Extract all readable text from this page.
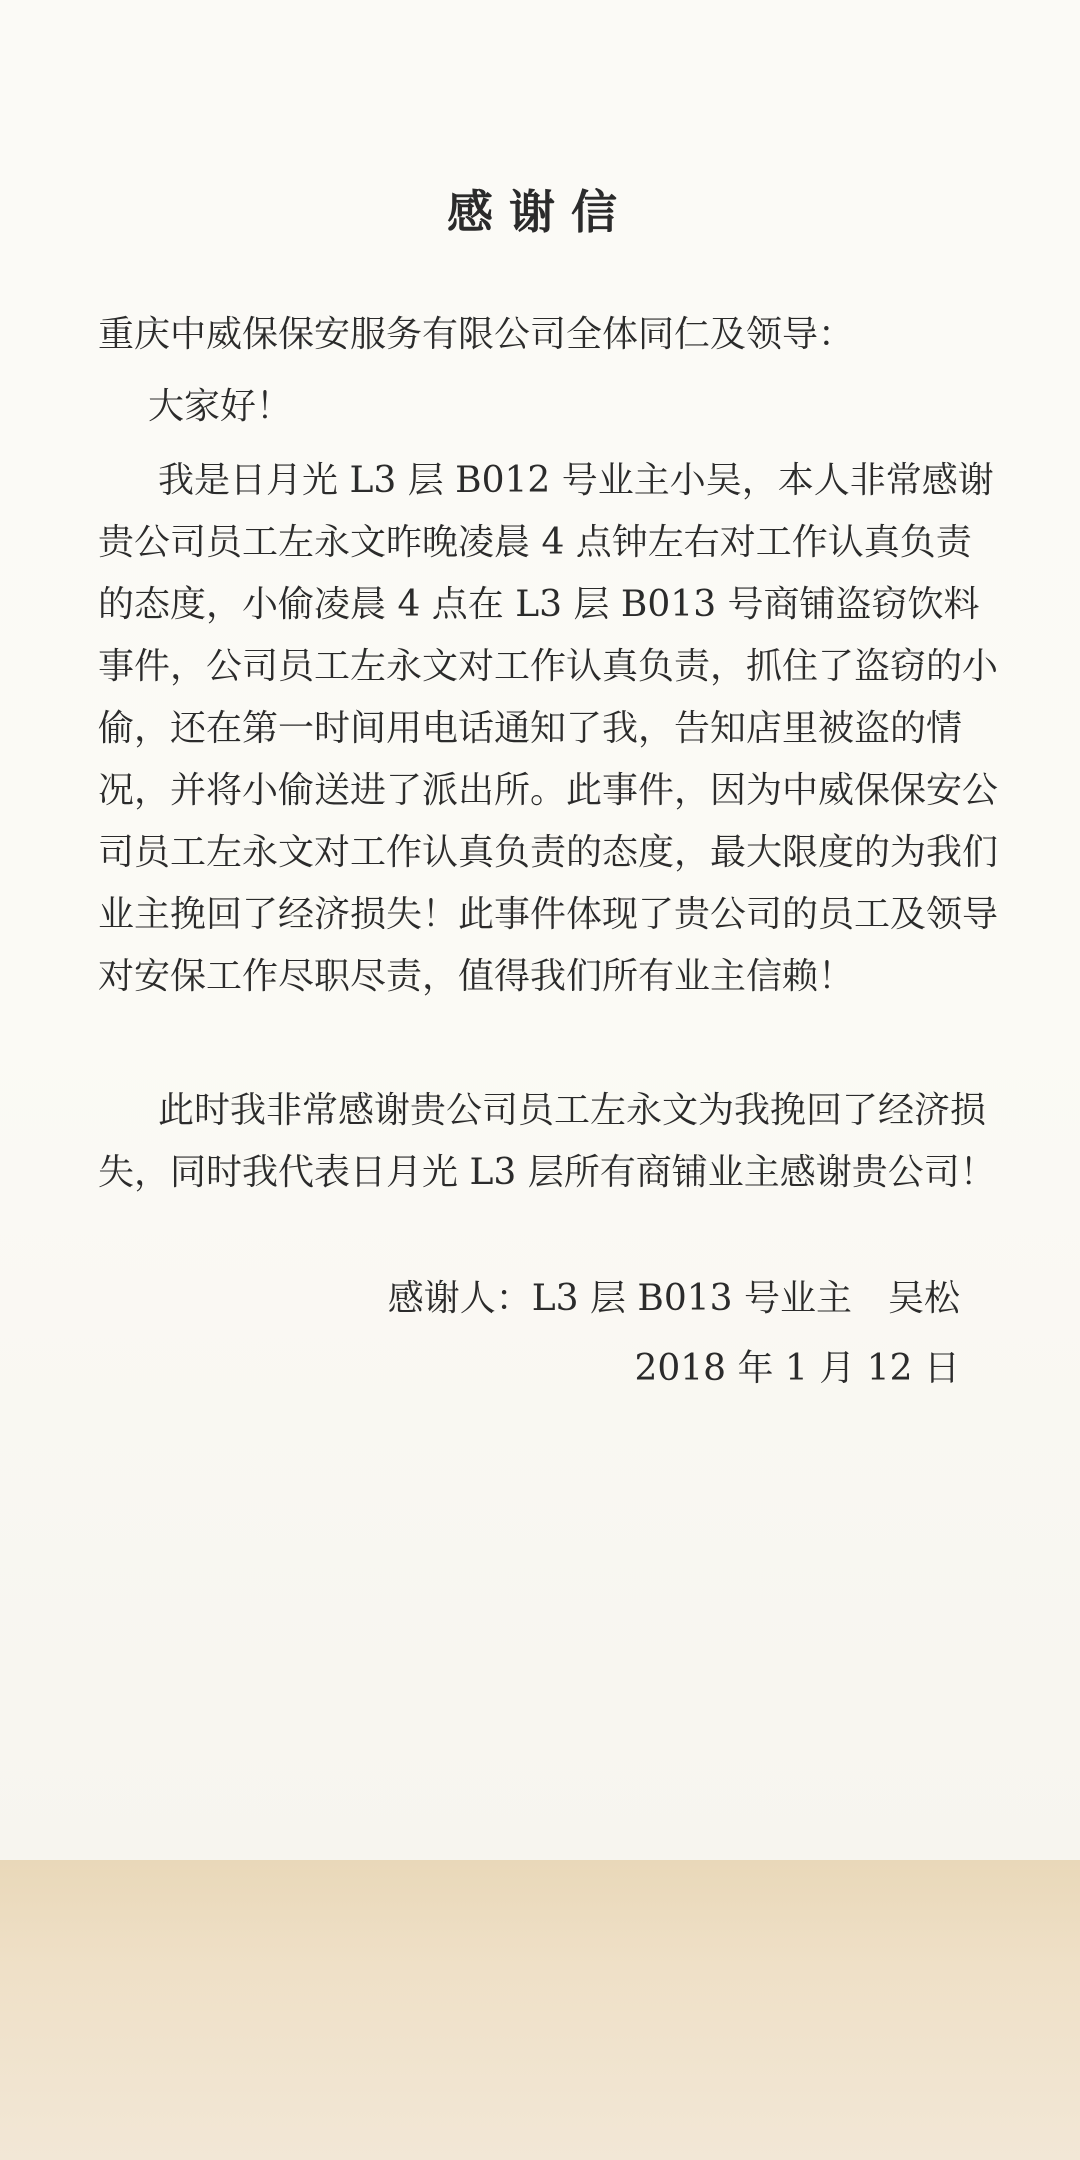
感谢信
重庆中威保保安服务有限公司全体同仁及领导：
大家好！
我是日月光 L3 层 B012 号业主小吴，本人非常感谢贵公司员工左永文昨晚凌晨 4 点钟左右对工作认真负责的态度，小偷凌晨 4 点在 L3 层 B013 号商铺盗窃饮料事件，公司员工左永文对工作认真负责，抓住了盗窃的小偷，还在第一时间用电话通知了我，告知店里被盗的情况，并将小偷送进了派出所。此事件，因为中威保保安公司员工左永文对工作认真负责的态度，最大限度的为我们业主挽回了经济损失！此事件体现了贵公司的员工及领导对安保工作尽职尽责，值得我们所有业主信赖！
此时我非常感谢贵公司员工左永文为我挽回了经济损失，同时我代表日月光 L3 层所有商铺业主感谢贵公司！
感谢人：L3 层 B013 号业主　吴松
2018 年 1 月 12 日
